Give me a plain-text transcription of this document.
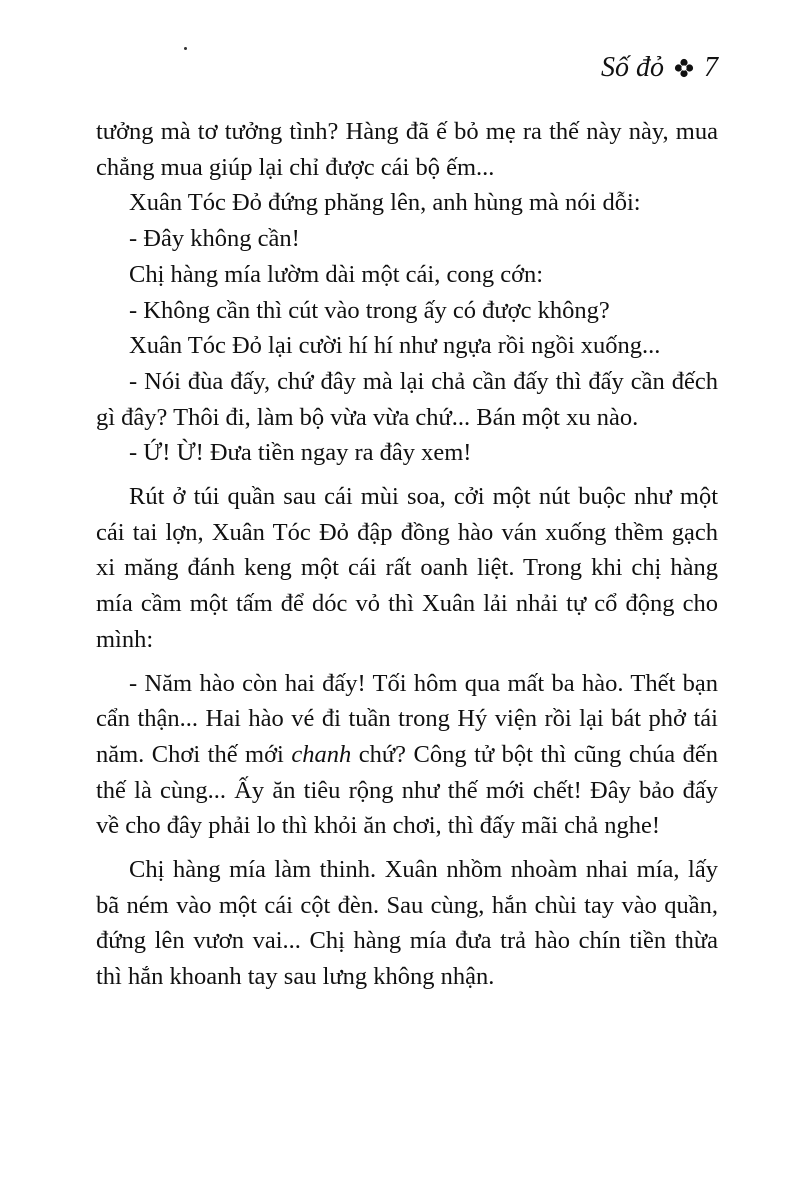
Số đỏ 7

tưởng mà tơ tưởng tình? Hàng đã ế bỏ mẹ ra thế này này, mua chẳng mua giúp lại chỉ được cái bộ ếm...

Xuân Tóc Đỏ đứng phăng lên, anh hùng mà nói dỗi:

- Đây không cần!

Chị hàng mía lườm dài một cái, cong cớn:

- Không cần thì cút vào trong ấy có được không?

Xuân Tóc Đỏ lại cười hí hí như ngựa rồi ngồi xuống...

- Nói đùa đấy, chứ đây mà lại chả cần đấy thì đấy cần đếch gì đây? Thôi đi, làm bộ vừa vừa chứ... Bán một xu nào.

- Ứ! Ừ! Đưa tiền ngay ra đây xem!

Rút ở túi quần sau cái mùi soa, cởi một nút buộc như một cái tai lợn, Xuân Tóc Đỏ đập đồng hào ván xuống thềm gạch xi măng đánh keng một cái rất oanh liệt. Trong khi chị hàng mía cầm một tấm để dóc vỏ thì Xuân lải nhải tự cổ động cho mình:

- Năm hào còn hai đấy! Tối hôm qua mất ba hào. Thết bạn cẩn thận... Hai hào vé đi tuần trong Hý viện rồi lại bát phở tái năm. Chơi thế mới chanh chứ? Công tử bột thì cũng chúa đến thế là cùng... Ấy ăn tiêu rộng như thế mới chết! Đây bảo đấy về cho đây phải lo thì khỏi ăn chơi, thì đấy mãi chả nghe!

Chị hàng mía làm thinh. Xuân nhồm nhoàm nhai mía, lấy bã ném vào một cái cột đèn. Sau cùng, hắn chùi tay vào quần, đứng lên vươn vai... Chị hàng mía đưa trả hào chín tiền thừa thì hắn khoanh tay sau lưng không nhận.
